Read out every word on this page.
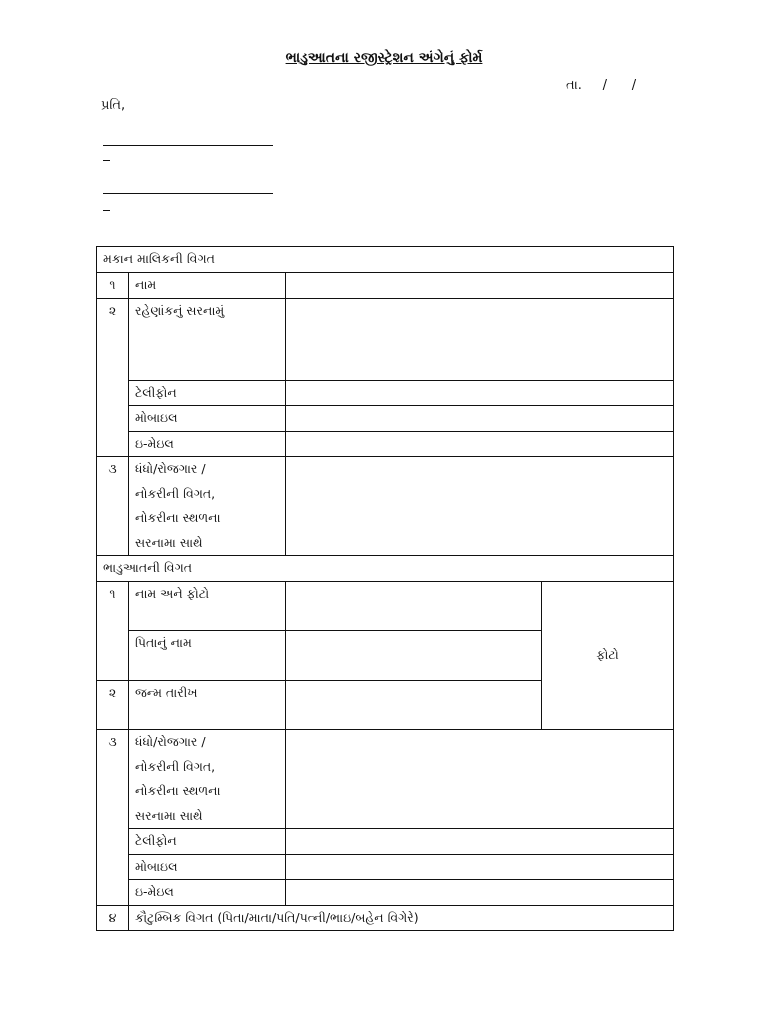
ભાડુઆતના રજીસ્ટ્રેશન અંગેનું ફોર્મ
તા.     /      /
પ્રતિ,
મકાન માલિકની વિગત			
૧	નામ		
૨	રહેણાંકનું સરનામું		
	ટેલીફોન		
	મોબાઇલ		
	ઇ-મેઇલ		
૩	ધંધો/રોજગાર /
નોકરીની વિગત,
નોકરીના સ્થળના
સરનામા સાથે		

ભાડુઆતની વિગત			
૧	નામ અને ફોટો		ફોટો
	પિતાનું નામ		
૨	જન્મ તારીખ		
૩	ધંધો/રોજગાર /
નોકરીની વિગત,
નોકરીના સ્થળના
સરનામા સાથે		

	ટેલીફોન		
	મોબાઇલ		
	ઇ-મેઇલ		
૪	કૌટુમ્બિક વિગત (પિતા/માતા/પતિ/પત્ની/ભાઇ/બહેન વિગેરે)		
